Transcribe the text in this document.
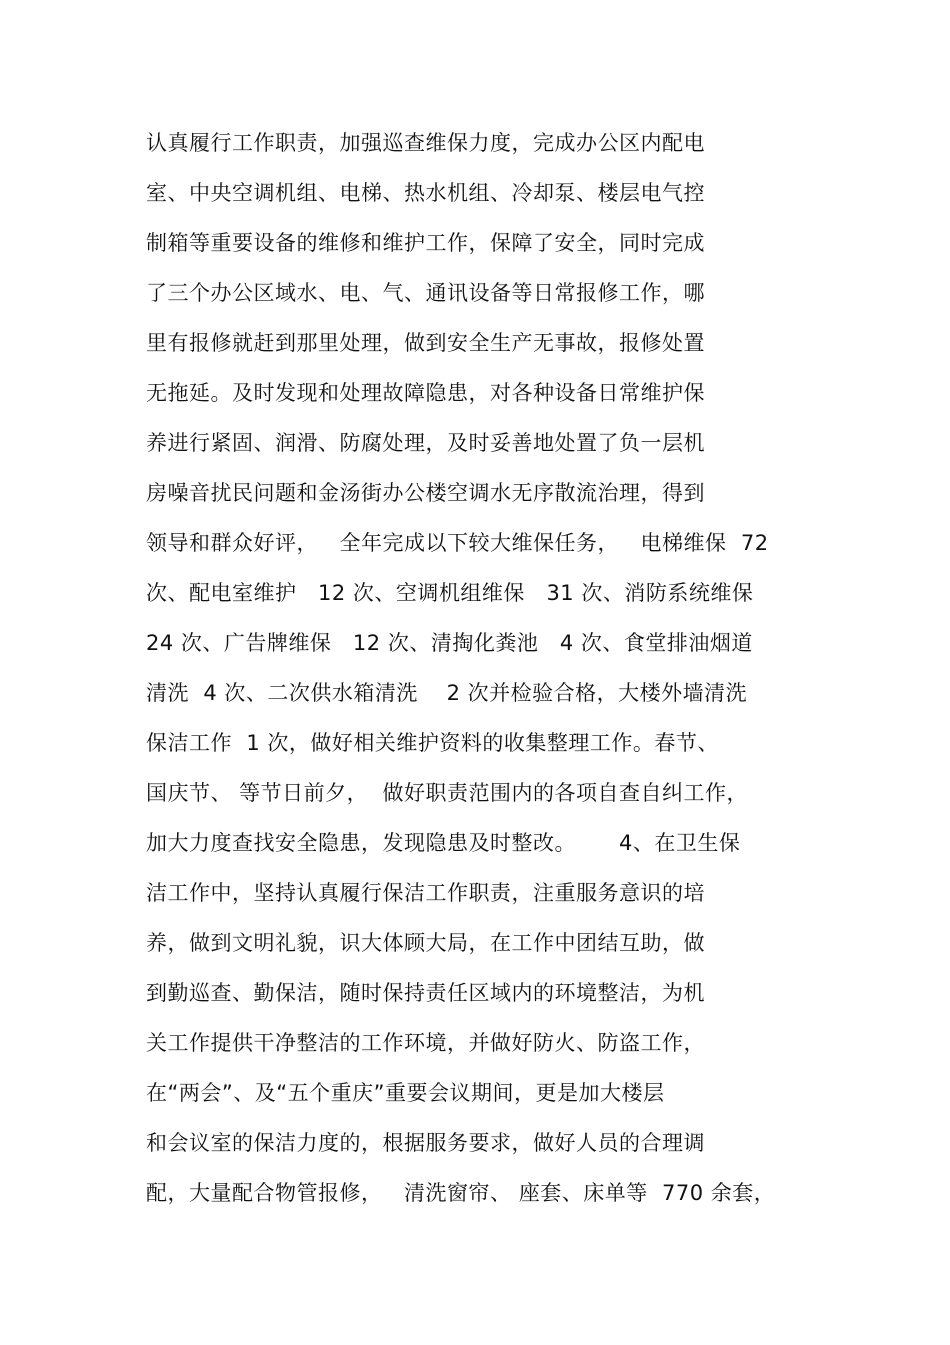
认真履行工作职责，加强巡查维保力度，完成办公区内配电
室、中央空调机组、电梯、热水机组、冷却泵、楼层电气控
制箱等重要设备的维修和维护工作，保障了安全，同时完成
了三个办公区域水、电、气、通讯设备等日常报修工作，哪
里有报修就赶到那里处理，做到安全生产无事故，报修处置
无拖延。及时发现和处理故障隐患，对各种设备日常维护保
养进行紧固、润滑、防腐处理，及时妥善地处置了负一层机
房噪音扰民问题和金汤街办公楼空调水无序散流治理，得到
领导和群众好评，   全年完成以下较大维保任务，   电梯维保  72
次、配电室维护   12 次、空调机组维保   31 次、消防系统维保
24 次、广告牌维保   12 次、清掏化粪池   4 次、食堂排油烟道
清洗  4 次、二次供水箱清洗    2 次并检验合格，大楼外墙清洗
保洁工作  1 次，做好相关维护资料的收集整理工作。春节、
国庆节、 等节日前夕，  做好职责范围内的各项自查自纠工作，
加大力度查找安全隐患，发现隐患及时整改。      4、在卫生保
洁工作中，坚持认真履行保洁工作职责，注重服务意识的培
养，做到文明礼貌，识大体顾大局，在工作中团结互助，做
到勤巡查、勤保洁，随时保持责任区域内的环境整洁，为机
关工作提供干净整洁的工作环境，并做好防火、防盗工作，
在“两会”、及“五个重庆”重要会议期间，更是加大楼层
和会议室的保洁力度的，根据服务要求，做好人员的合理调
配，大量配合物管报修，   清洗窗帘、 座套、床单等  770 余套，
